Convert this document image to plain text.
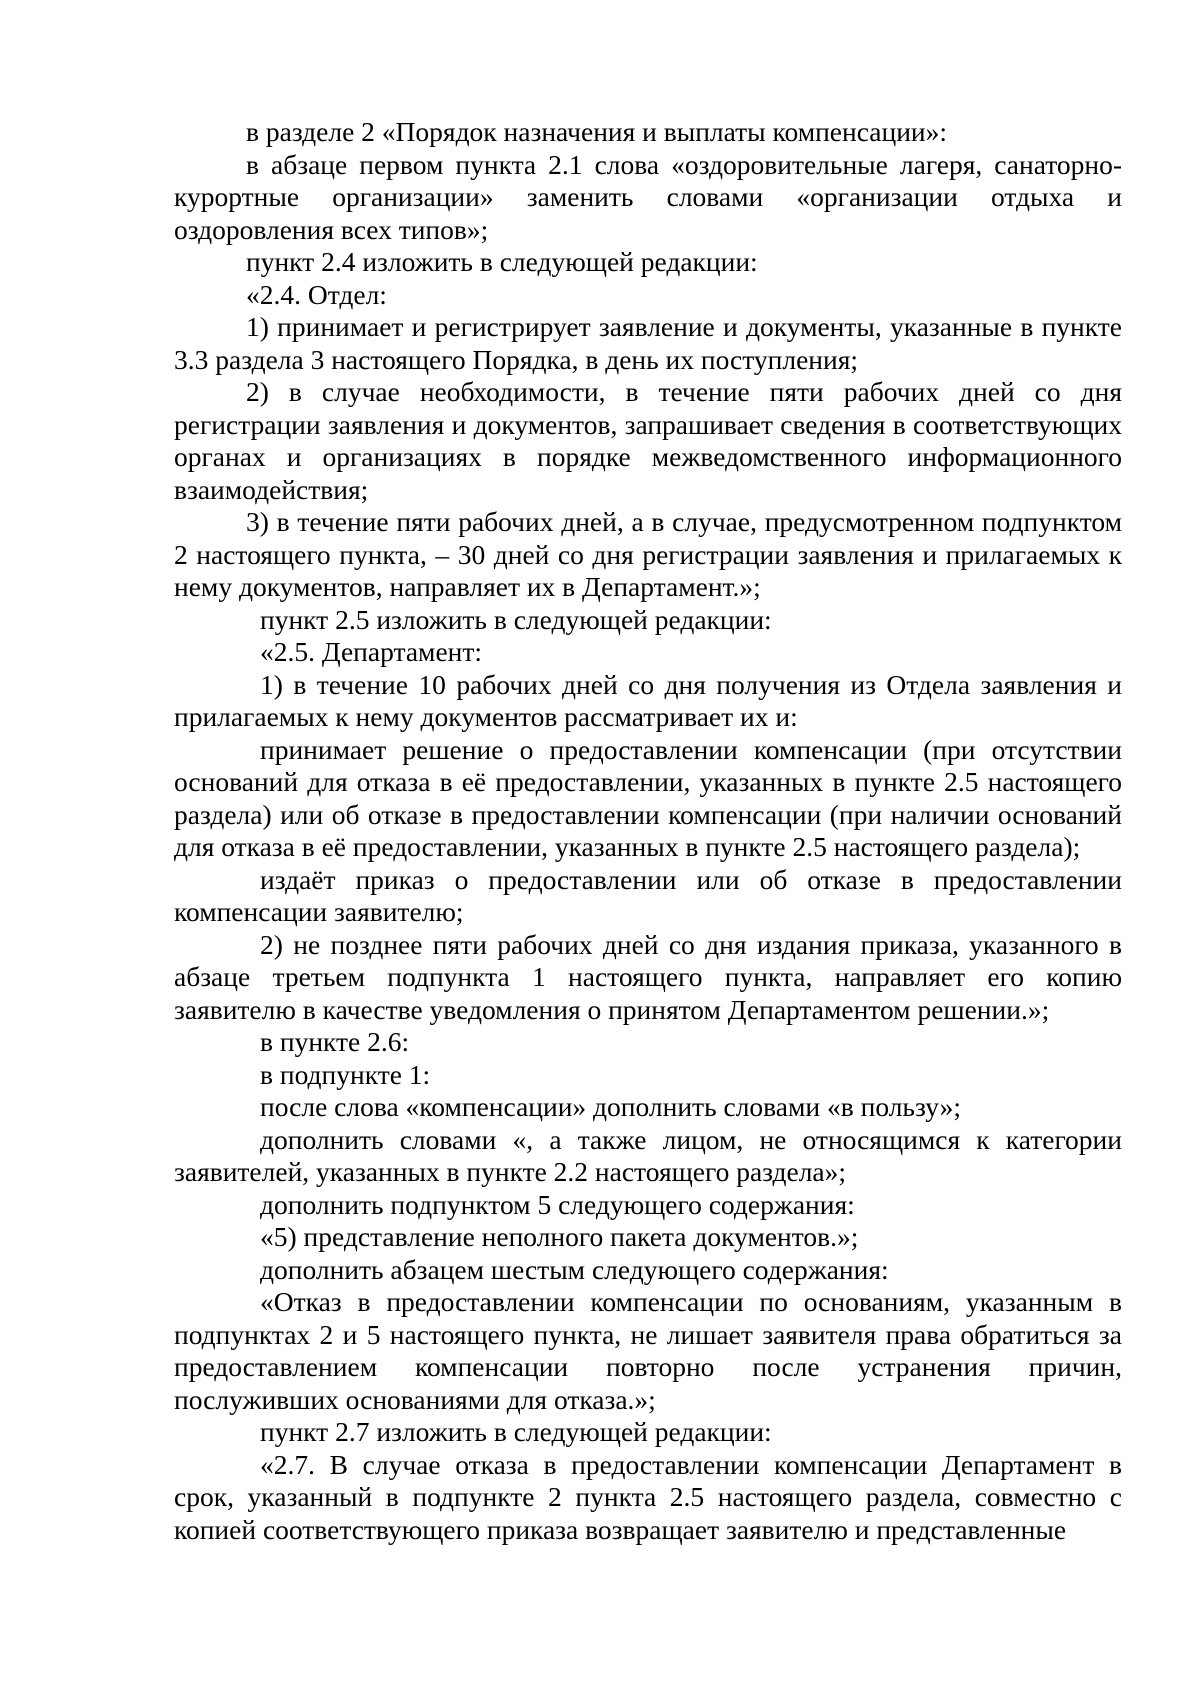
в разделе 2 «Порядок назначения и выплаты компенсации»:

в абзаце первом пункта 2.1 слова «оздоровительные лагеря, санаторно-курортные организации» заменить словами «организации отдыха и оздоровления всех типов»;

пункт 2.4 изложить в следующей редакции:

«2.4. Отдел:

1) принимает и регистрирует заявление и документы, указанные в пункте 3.3 раздела 3 настоящего Порядка, в день их поступления;

2) в случае необходимости, в течение пяти рабочих дней со дня регистрации заявления и документов, запрашивает сведения в соответствующих органах и организациях в порядке межведомственного информационного взаимодействия;

3) в течение пяти рабочих дней, а в случае, предусмотренном подпунктом 2 настоящего пункта, – 30 дней со дня регистрации заявления и прилагаемых к нему документов, направляет их в Департамент.»;

пункт 2.5 изложить в следующей редакции:

«2.5. Департамент:

1) в течение 10 рабочих дней со дня получения из Отдела заявления и прилагаемых к нему документов рассматривает их и:

принимает решение о предоставлении компенсации (при отсутствии оснований для отказа в её предоставлении, указанных в пункте 2.5 настоящего раздела) или об отказе в предоставлении компенсации (при наличии оснований для отказа в её предоставлении, указанных в пункте 2.5 настоящего раздела);

издаёт приказ о предоставлении или об отказе в предоставлении компенсации заявителю;

2) не позднее пяти рабочих дней со дня издания приказа, указанного в абзаце третьем подпункта 1 настоящего пункта, направляет его копию заявителю в качестве уведомления о принятом Департаментом решении.»;

в пункте 2.6:

в подпункте 1:

после слова «компенсации» дополнить словами «в пользу»;

дополнить словами «, а также лицом, не относящимся к категории заявителей, указанных в пункте 2.2 настоящего раздела»;

дополнить подпунктом 5 следующего содержания:

«5) представление неполного пакета документов.»;

дополнить абзацем шестым следующего содержания:

«Отказ в предоставлении компенсации по основаниям, указанным в подпунктах 2 и 5 настоящего пункта, не лишает заявителя права обратиться за предоставлением компенсации повторно после устранения причин, послуживших основаниями для отказа.»;

пункт 2.7 изложить в следующей редакции:

«2.7. В случае отказа в предоставлении компенсации Департамент в срок, указанный в подпункте 2 пункта 2.5 настоящего раздела, совместно с копией соответствующего приказа возвращает заявителю и представленные
